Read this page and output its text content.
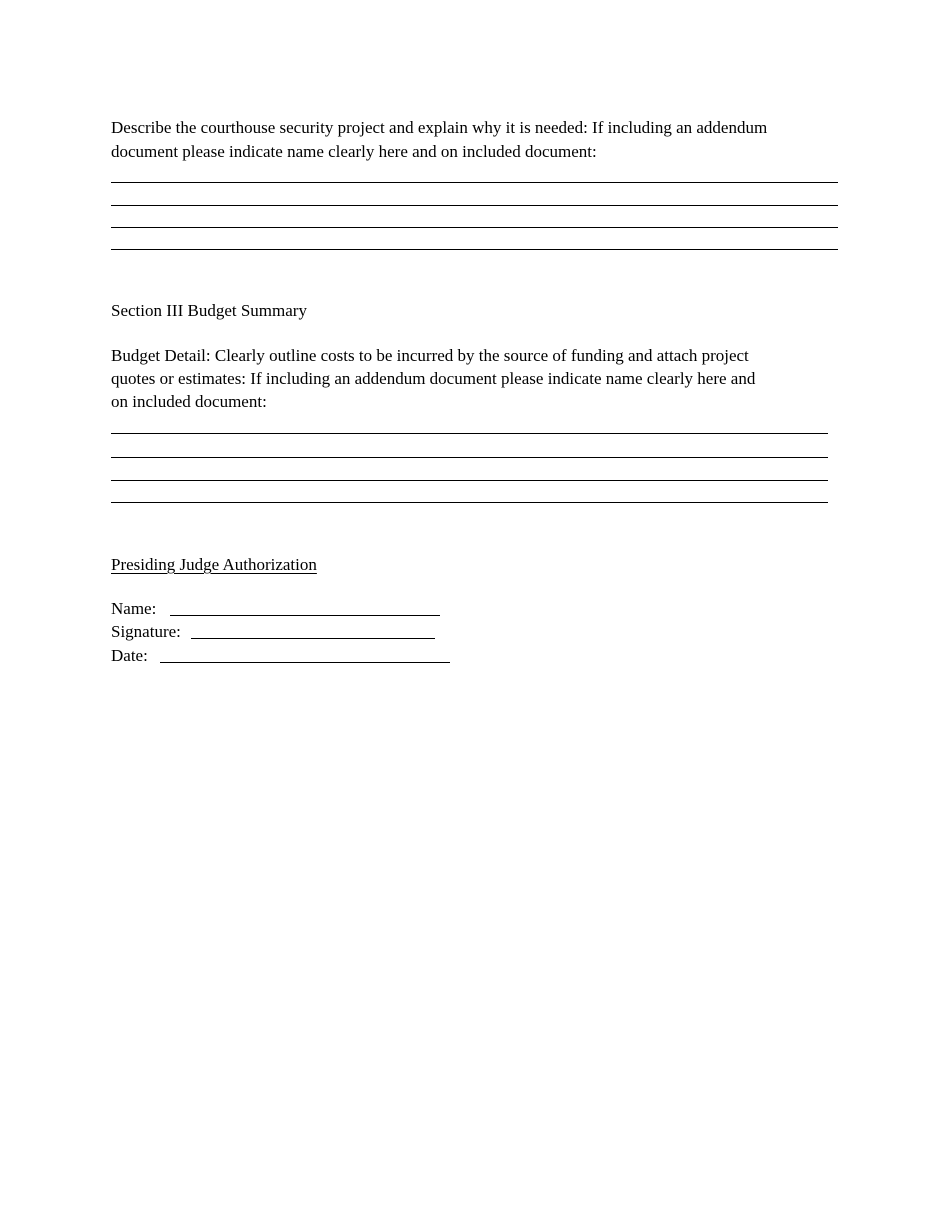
Describe the courthouse security project and explain why it is needed: If including an addendum
document please indicate name clearly here and on included document:
Section III Budget Summary
Budget Detail: Clearly outline costs to be incurred by the source of funding and attach project
quotes or estimates: If including an addendum document please indicate name clearly here and
on included document:
Presiding Judge Authorization
Name:
Signature:
Date:
